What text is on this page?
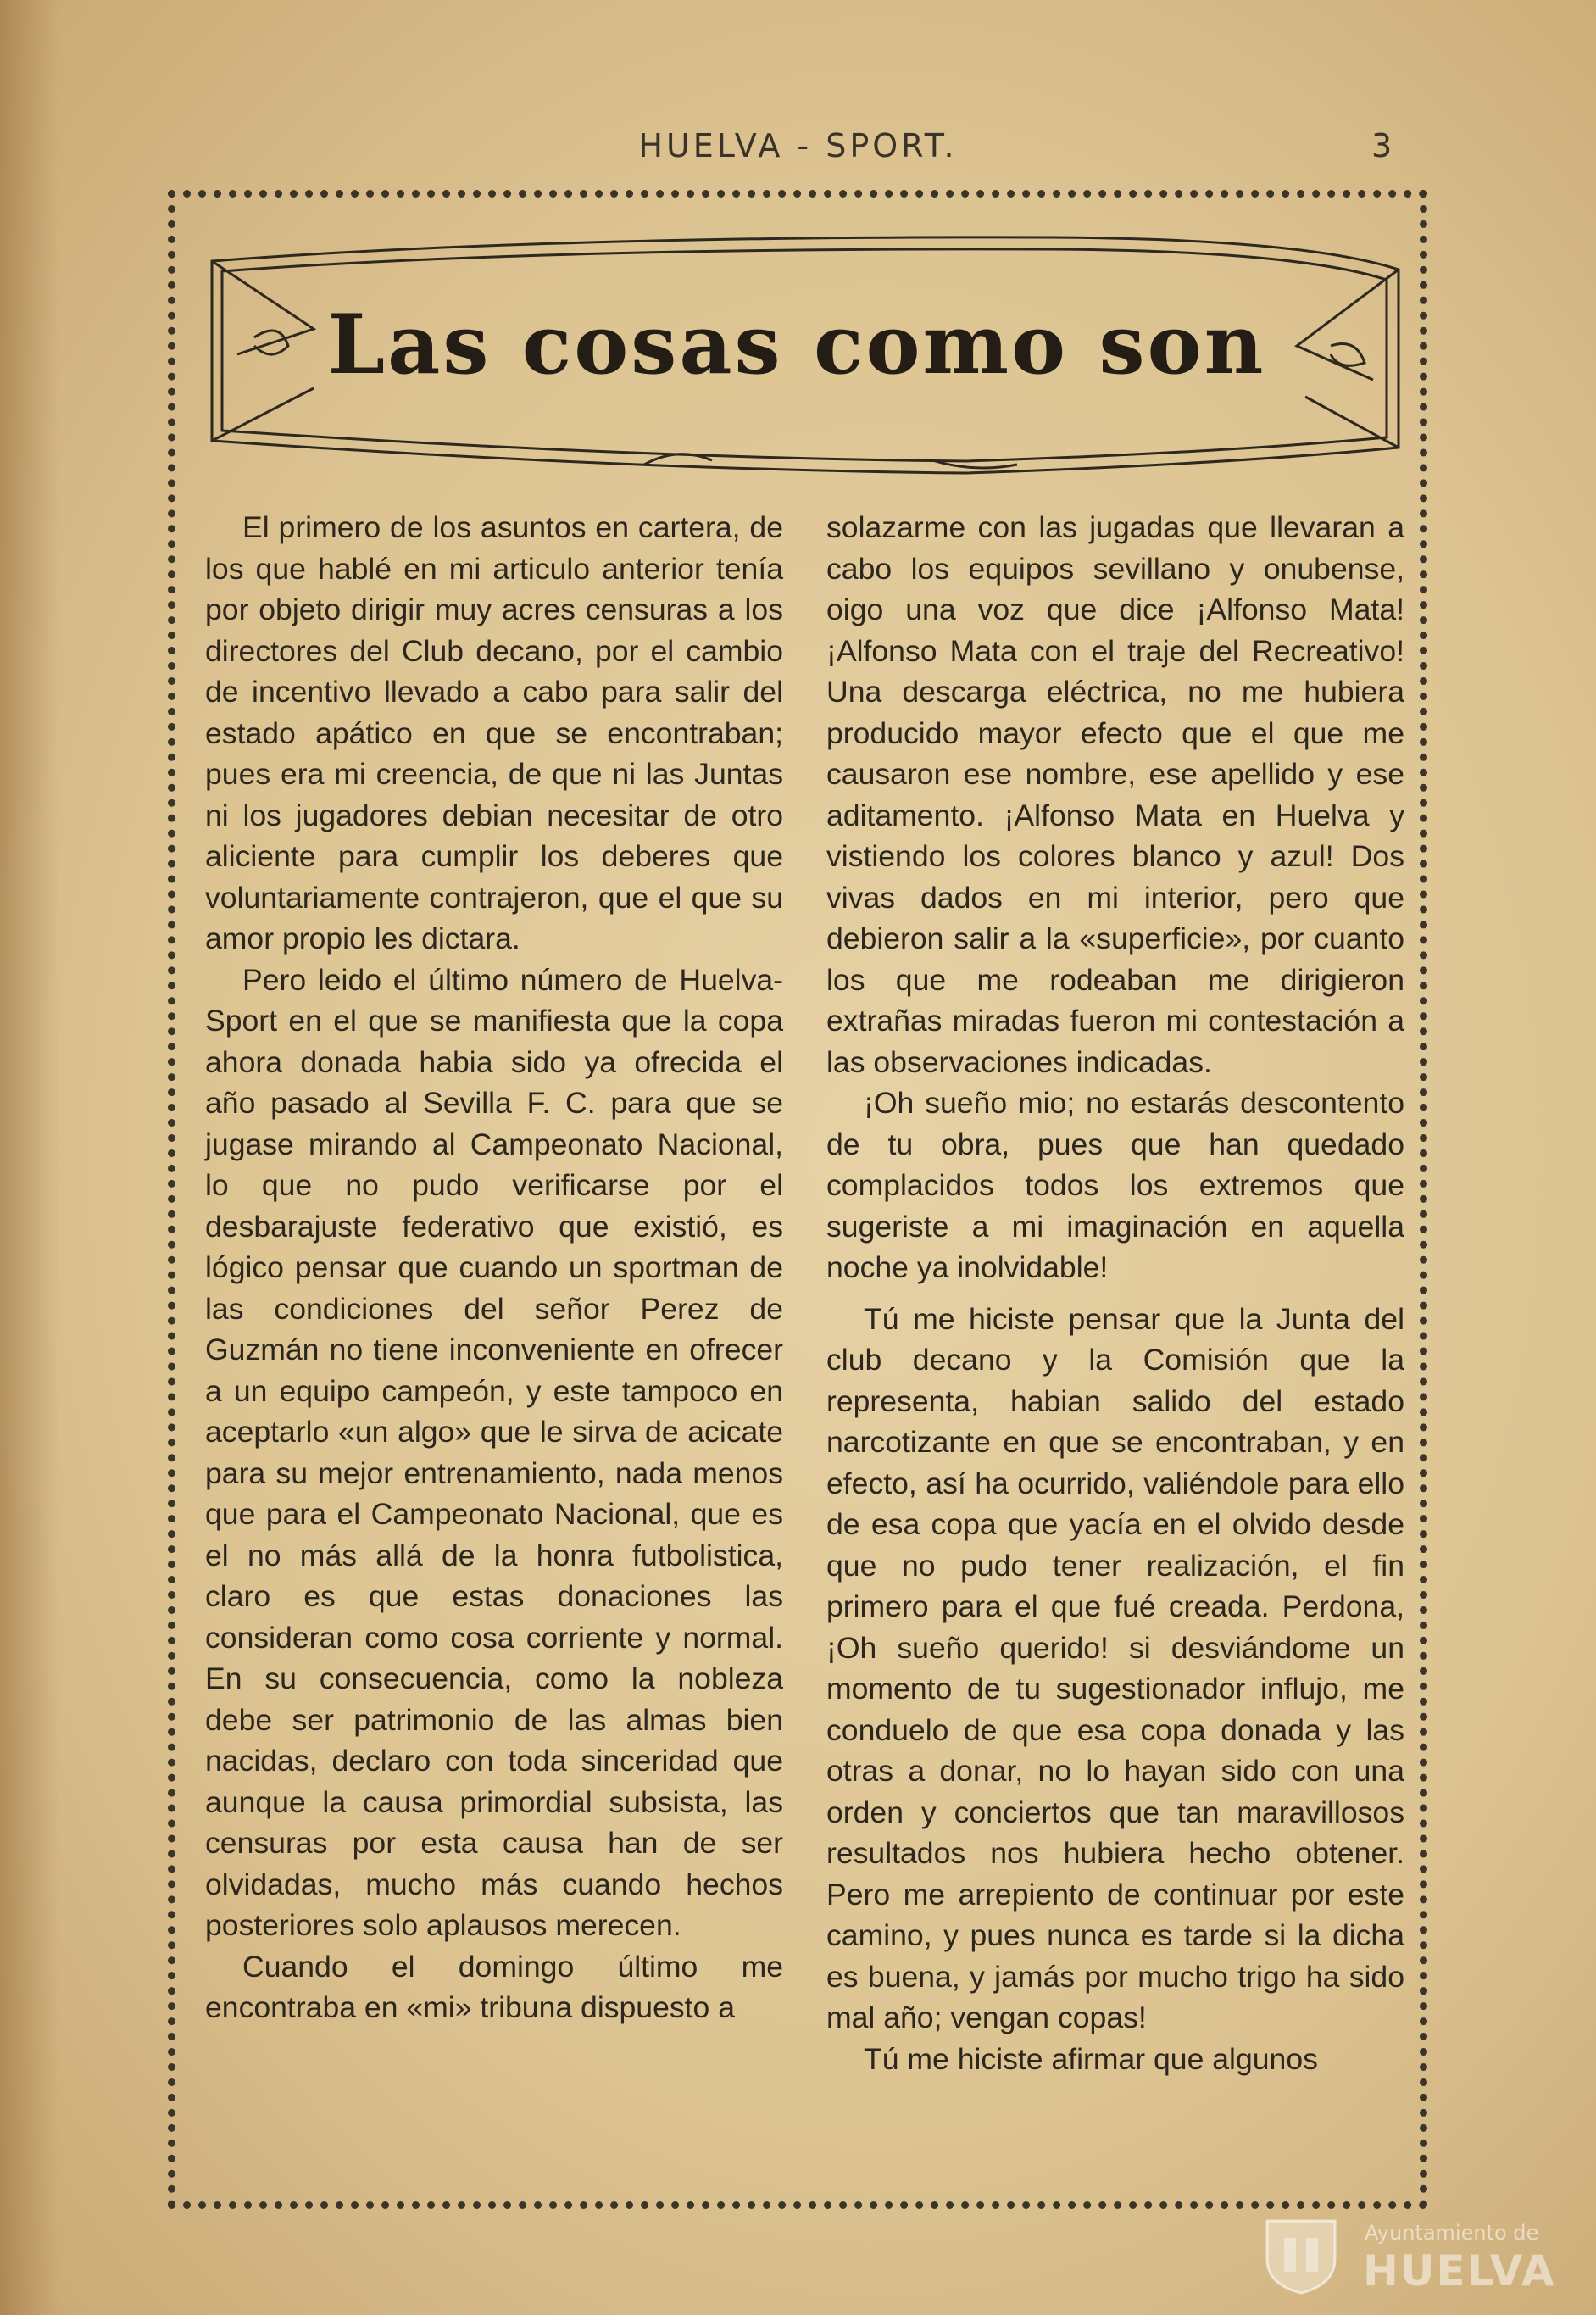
HUELVA - SPORT.	3
Las cosas como son

El primero de los asuntos en cartera, de los que hablé en mi articulo anterior tenía por objeto dirigir muy acres censuras a los directores del Club decano, por el cambio de incentivo llevado a cabo para salir del estado apático en que se encontraban; pues era mi creencia, de que ni las Juntas ni los jugadores debian necesitar de otro aliciente para cumplir los deberes que voluntariamente contrajeron, que el que su amor propio les dictara.

Pero leido el último número de Huelva-Sport en el que se manifiesta que la copa ahora donada habia sido ya ofrecida el año pasado al Sevilla F. C. para que se jugase mirando al Campeonato Nacional, lo que no pudo verificarse por el desbarajuste federativo que existió, es lógico pensar que cuando un sportman de las condiciones del señor Perez de Guzmán no tiene inconveniente en ofrecer a un equipo campeón, y este tampoco en aceptarlo «un algo» que le sirva de acicate para su mejor entrenamiento, nada menos que para el Campeonato Nacional, que es el no más allá de la honra futbolistica, claro es que estas donaciones las consideran como cosa corriente y normal. En su consecuencia, como la nobleza debe ser patrimonio de las almas bien nacidas, declaro con toda sinceridad que aunque la causa primordial subsista, las censuras por esta causa han de ser olvidadas, mucho más cuando hechos posteriores solo aplausos merecen.

Cuando el domingo último me encontraba en «mi» tribuna dispuesto a

solazarme con las jugadas que llevaran a cabo los equipos sevillano y onubense, oigo una voz que dice ¡Alfonso Mata! ¡Alfonso Mata con el traje del Recreativo! Una descarga eléctrica, no me hubiera producido mayor efecto que el que me causaron ese nombre, ese apellido y ese aditamento. ¡Alfonso Mata en Huelva y vistiendo los colores blanco y azul! Dos vivas dados en mi interior, pero que debieron salir a la «superficie», por cuanto los que me rodeaban me dirigieron extrañas miradas fueron mi contestación a las observaciones indicadas.

¡Oh sueño mio; no estarás descontento de tu obra, pues que han quedado complacidos todos los extremos que sugeriste a mi imaginación en aquella noche ya inolvidable!

Tú me hiciste pensar que la Junta del club decano y la Comisión que la representa, habian salido del estado narcotizante en que se encontraban, y en efecto, así ha ocurrido, valiéndole para ello de esa copa que yacía en el olvido desde que no pudo tener realización, el fin primero para el que fué creada. Perdona, ¡Oh sueño querido! si desviándome un momento de tu sugestionador influjo, me conduelo de que esa copa donada y las otras a donar, no lo hayan sido con una orden y conciertos que tan maravillosos resultados nos hubiera hecho obtener. Pero me arrepiento de continuar por este camino, y pues nunca es tarde si la dicha es buena, y jamás por mucho trigo ha sido mal año; vengan copas!

Tú me hiciste afirmar que algunos

Ayuntamiento de
HUELVA
